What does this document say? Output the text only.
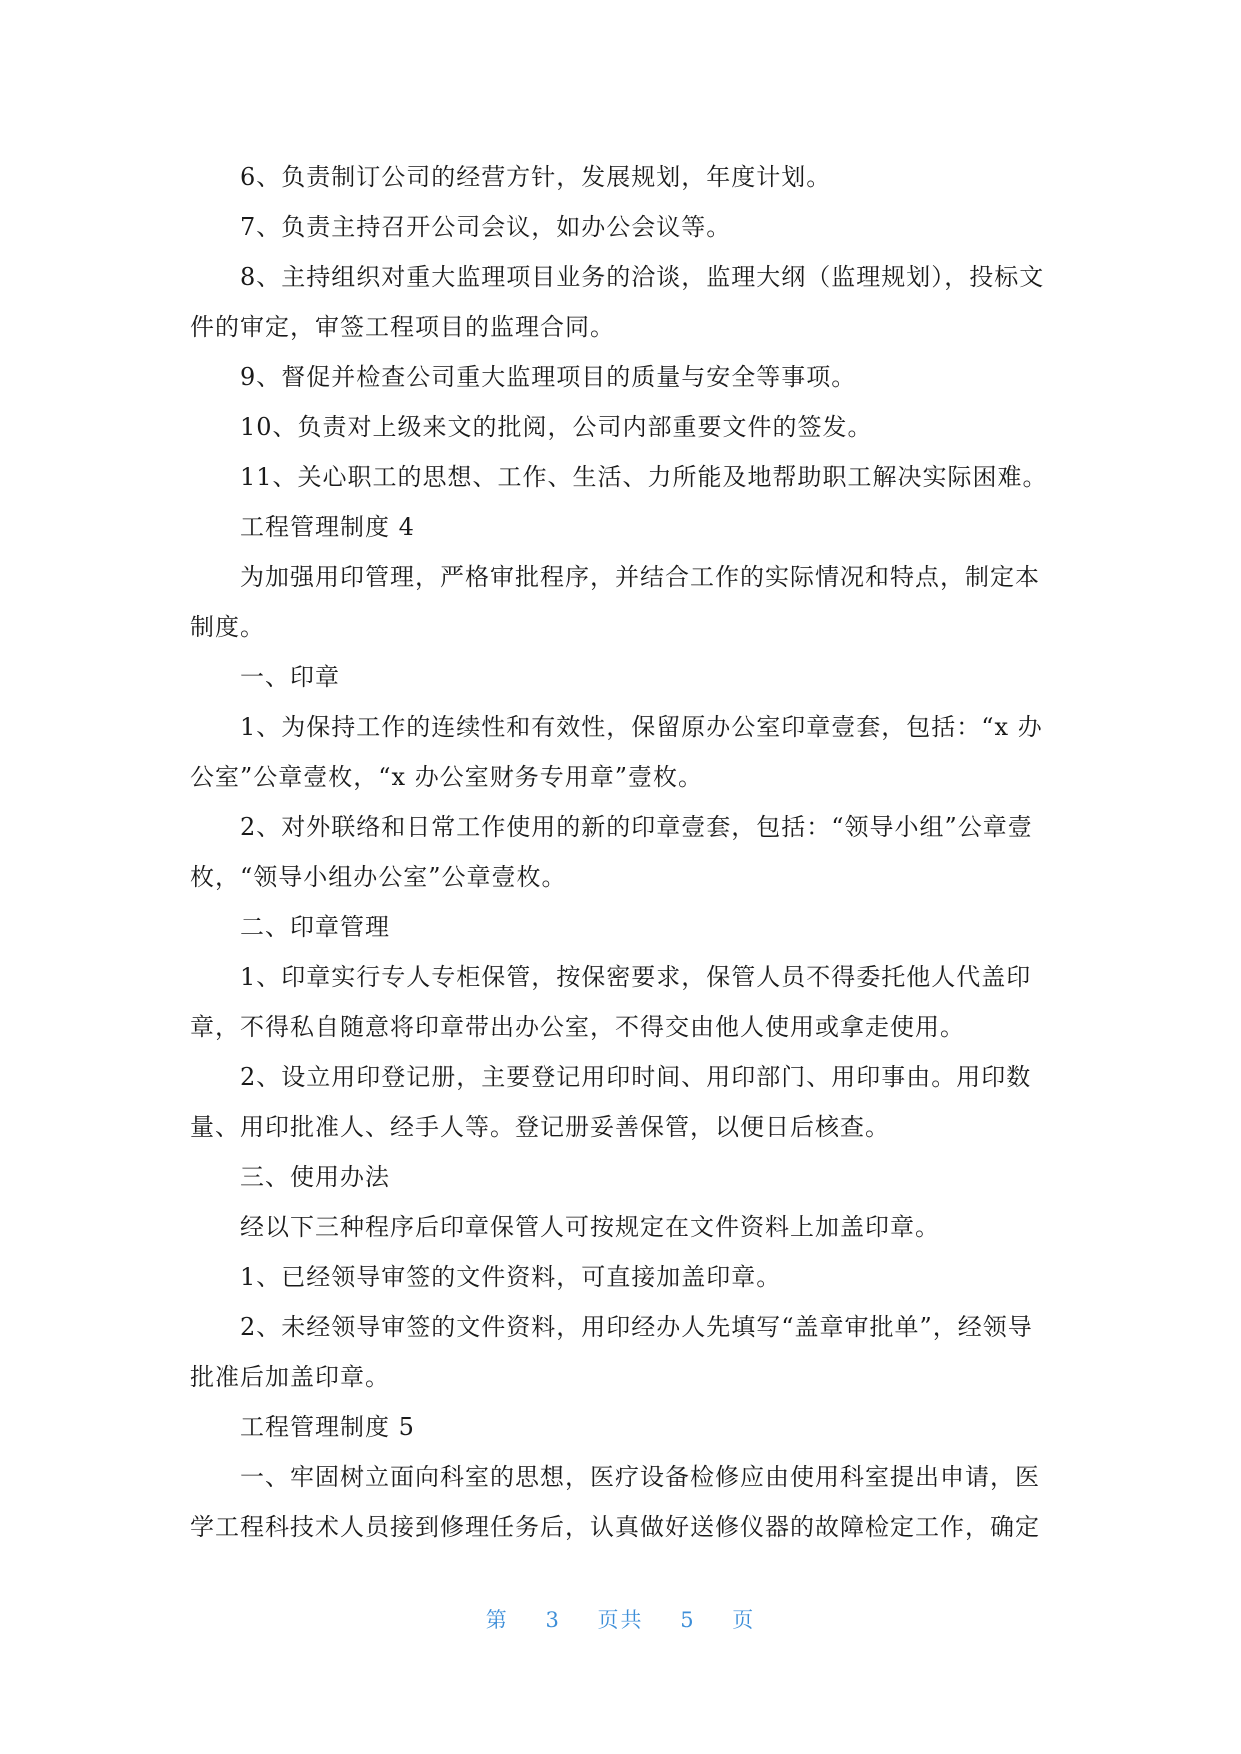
6、负责制订公司的经营方针，发展规划，年度计划。

7、负责主持召开公司会议，如办公会议等。

8、主持组织对重大监理项目业务的洽谈，监理大纲（监理规划），投标文件的审定，审签工程项目的监理合同。

9、督促并检查公司重大监理项目的质量与安全等事项。

10、负责对上级来文的批阅，公司内部重要文件的签发。

11、关心职工的思想、工作、生活、力所能及地帮助职工解决实际困难。

工程管理制度 4

为加强用印管理，严格审批程序，并结合工作的实际情况和特点，制定本制度。

一、印章

1、为保持工作的连续性和有效性，保留原办公室印章壹套，包括：“x 办公室”公章壹枚，“x 办公室财务专用章”壹枚。

2、对外联络和日常工作使用的新的印章壹套，包括：“领导小组”公章壹枚，“领导小组办公室”公章壹枚。

二、印章管理

1、印章实行专人专柜保管，按保密要求，保管人员不得委托他人代盖印章，不得私自随意将印章带出办公室，不得交由他人使用或拿走使用。

2、设立用印登记册，主要登记用印时间、用印部门、用印事由。用印数量、用印批准人、经手人等。登记册妥善保管，以便日后核查。

三、使用办法

经以下三种程序后印章保管人可按规定在文件资料上加盖印章。

1、已经领导审签的文件资料，可直接加盖印章。

2、未经领导审签的文件资料，用印经办人先填写“盖章审批单”，经领导批准后加盖印章。

工程管理制度 5

一、牢固树立面向科室的思想，医疗设备检修应由使用科室提出申请，医学工程科技术人员接到修理任务后，认真做好送修仪器的故障检定工作，确定

第 3 页共 5 页
